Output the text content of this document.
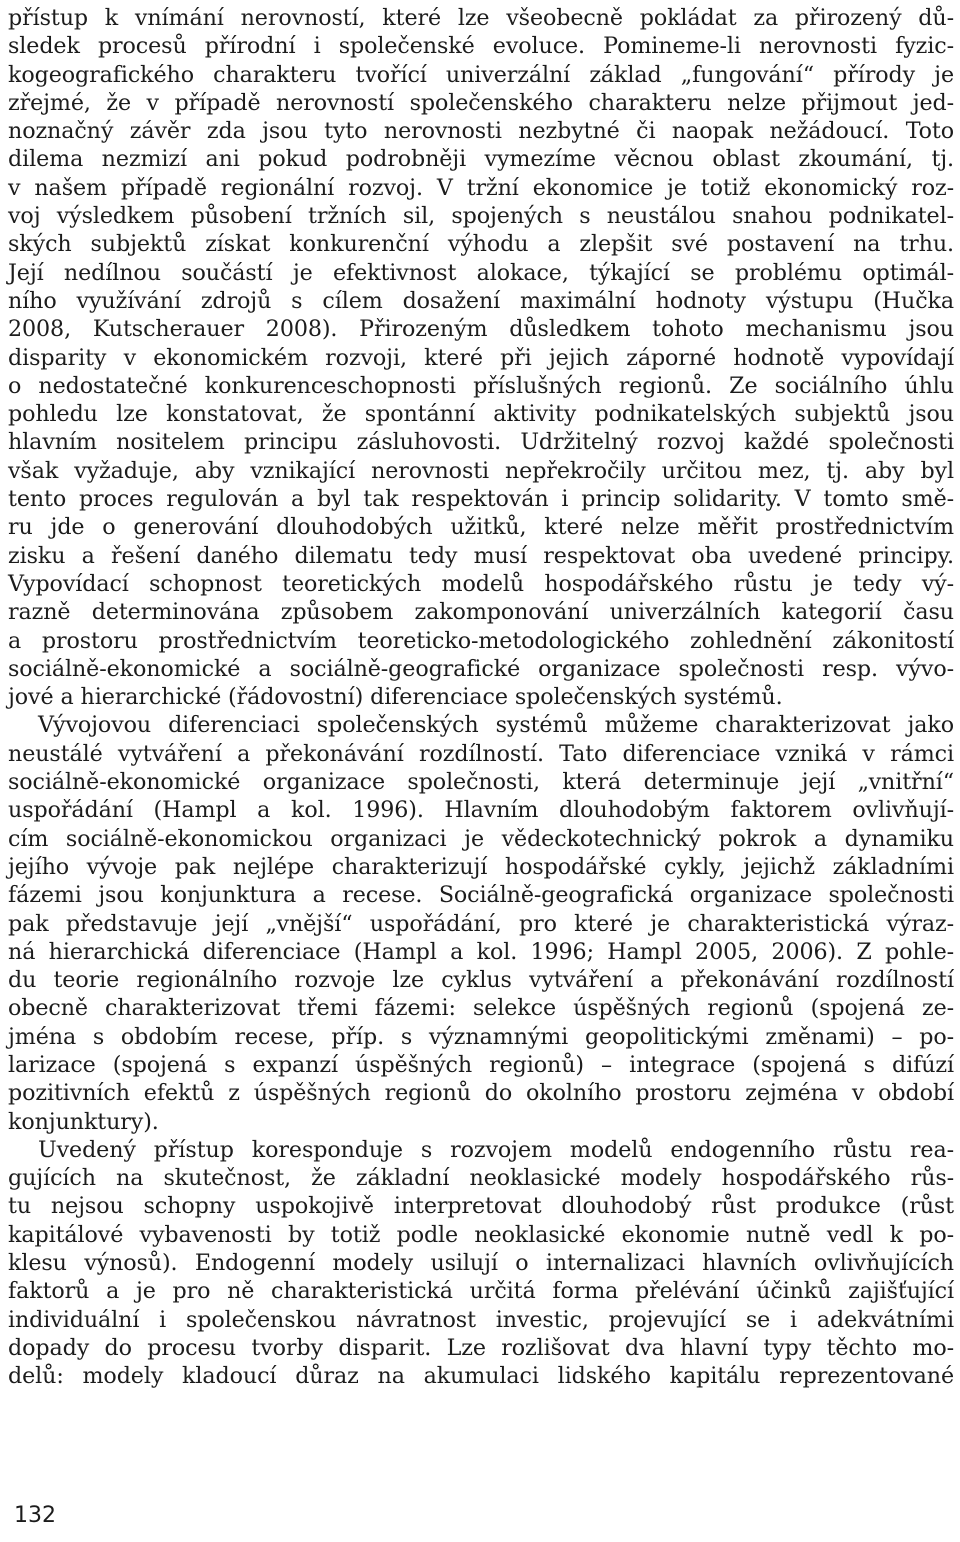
přístup k vnímání nerovností, které lze všeobecně pokládat za přirozený dů-
sledek procesů přírodní i společenské evoluce. Pomineme-li nerovnosti fyzic-
kogeografického charakteru tvořící univerzální základ „fungování“ přírody je
zřejmé, že v případě nerovností společenského charakteru nelze přijmout jed-
noznačný závěr zda jsou tyto nerovnosti nezbytné či naopak nežádoucí. Toto
dilema nezmizí ani pokud podrobněji vymezíme věcnou oblast zkoumání, tj.
v našem případě regionální rozvoj. V tržní ekonomice je totiž ekonomický roz-
voj výsledkem působení tržních sil, spojených s neustálou snahou podnikatel-
ských subjektů získat konkurenční výhodu a zlepšit své postavení na trhu.
Její nedílnou součástí je efektivnost alokace, týkající se problému optimál-
ního využívání zdrojů s cílem dosažení maximální hodnoty výstupu (Hučka
2008, Kutscherauer 2008). Přirozeným důsledkem tohoto mechanismu jsou
disparity v ekonomickém rozvoji, které při jejich záporné hodnotě vypovídají
o nedostatečné konkurenceschopnosti příslušných regionů. Ze sociálního úhlu
pohledu lze konstatovat, že spontánní aktivity podnikatelských subjektů jsou
hlavním nositelem principu zásluhovosti. Udržitelný rozvoj každé společnosti
však vyžaduje, aby vznikající nerovnosti nepřekročily určitou mez, tj. aby byl
tento proces regulován a byl tak respektován i princip solidarity. V tomto smě-
ru jde o generování dlouhodobých užitků, které nelze měřit prostřednictvím
zisku a řešení daného dilematu tedy musí respektovat oba uvedené principy.
Vypovídací schopnost teoretických modelů hospodářského růstu je tedy vý-
razně determinována způsobem zakomponování univerzálních kategorií času
a prostoru prostřednictvím teoreticko-metodologického zohlednění zákonitostí
sociálně-ekonomické a sociálně-geografické organizace společnosti resp. vývo-
jové a hierarchické (řádovostní) diferenciace společenských systémů.
Vývojovou diferenciaci společenských systémů můžeme charakterizovat jako
neustálé vytváření a překonávání rozdílností. Tato diferenciace vzniká v rámci
sociálně-ekonomické organizace společnosti, která determinuje její „vnitřní“
uspořádání (Hampl a kol. 1996). Hlavním dlouhodobým faktorem ovlivňují-
cím sociálně-ekonomickou organizaci je vědeckotechnický pokrok a dynamiku
jejího vývoje pak nejlépe charakterizují hospodářské cykly, jejichž základními
fázemi jsou konjunktura a recese. Sociálně-geografická organizace společnosti
pak představuje její „vnější“ uspořádání, pro které je charakteristická výraz-
ná hierarchická diferenciace (Hampl a kol. 1996; Hampl 2005, 2006). Z pohle-
du teorie regionálního rozvoje lze cyklus vytváření a překonávání rozdílností
obecně charakterizovat třemi fázemi: selekce úspěšných regionů (spojená ze-
jména s obdobím recese, příp. s významnými geopolitickými změnami) – po-
larizace (spojená s expanzí úspěšných regionů) – integrace (spojená s difúzí
pozitivních efektů z úspěšných regionů do okolního prostoru zejména v období
konjunktury).
Uvedený přístup koresponduje s rozvojem modelů endogenního růstu rea-
gujících na skutečnost, že základní neoklasické modely hospodářského růs-
tu nejsou schopny uspokojivě interpretovat dlouhodobý růst produkce (růst
kapitálové vybavenosti by totiž podle neoklasické ekonomie nutně vedl k po-
klesu výnosů). Endogenní modely usilují o internalizaci hlavních ovlivňujících
faktorů a je pro ně charakteristická určitá forma přelévání účinků zajišťující
individuální i společenskou návratnost investic, projevující se i adekvátními
dopady do procesu tvorby disparit. Lze rozlišovat dva hlavní typy těchto mo-
delů: modely kladoucí důraz na akumulaci lidského kapitálu reprezentované
132
